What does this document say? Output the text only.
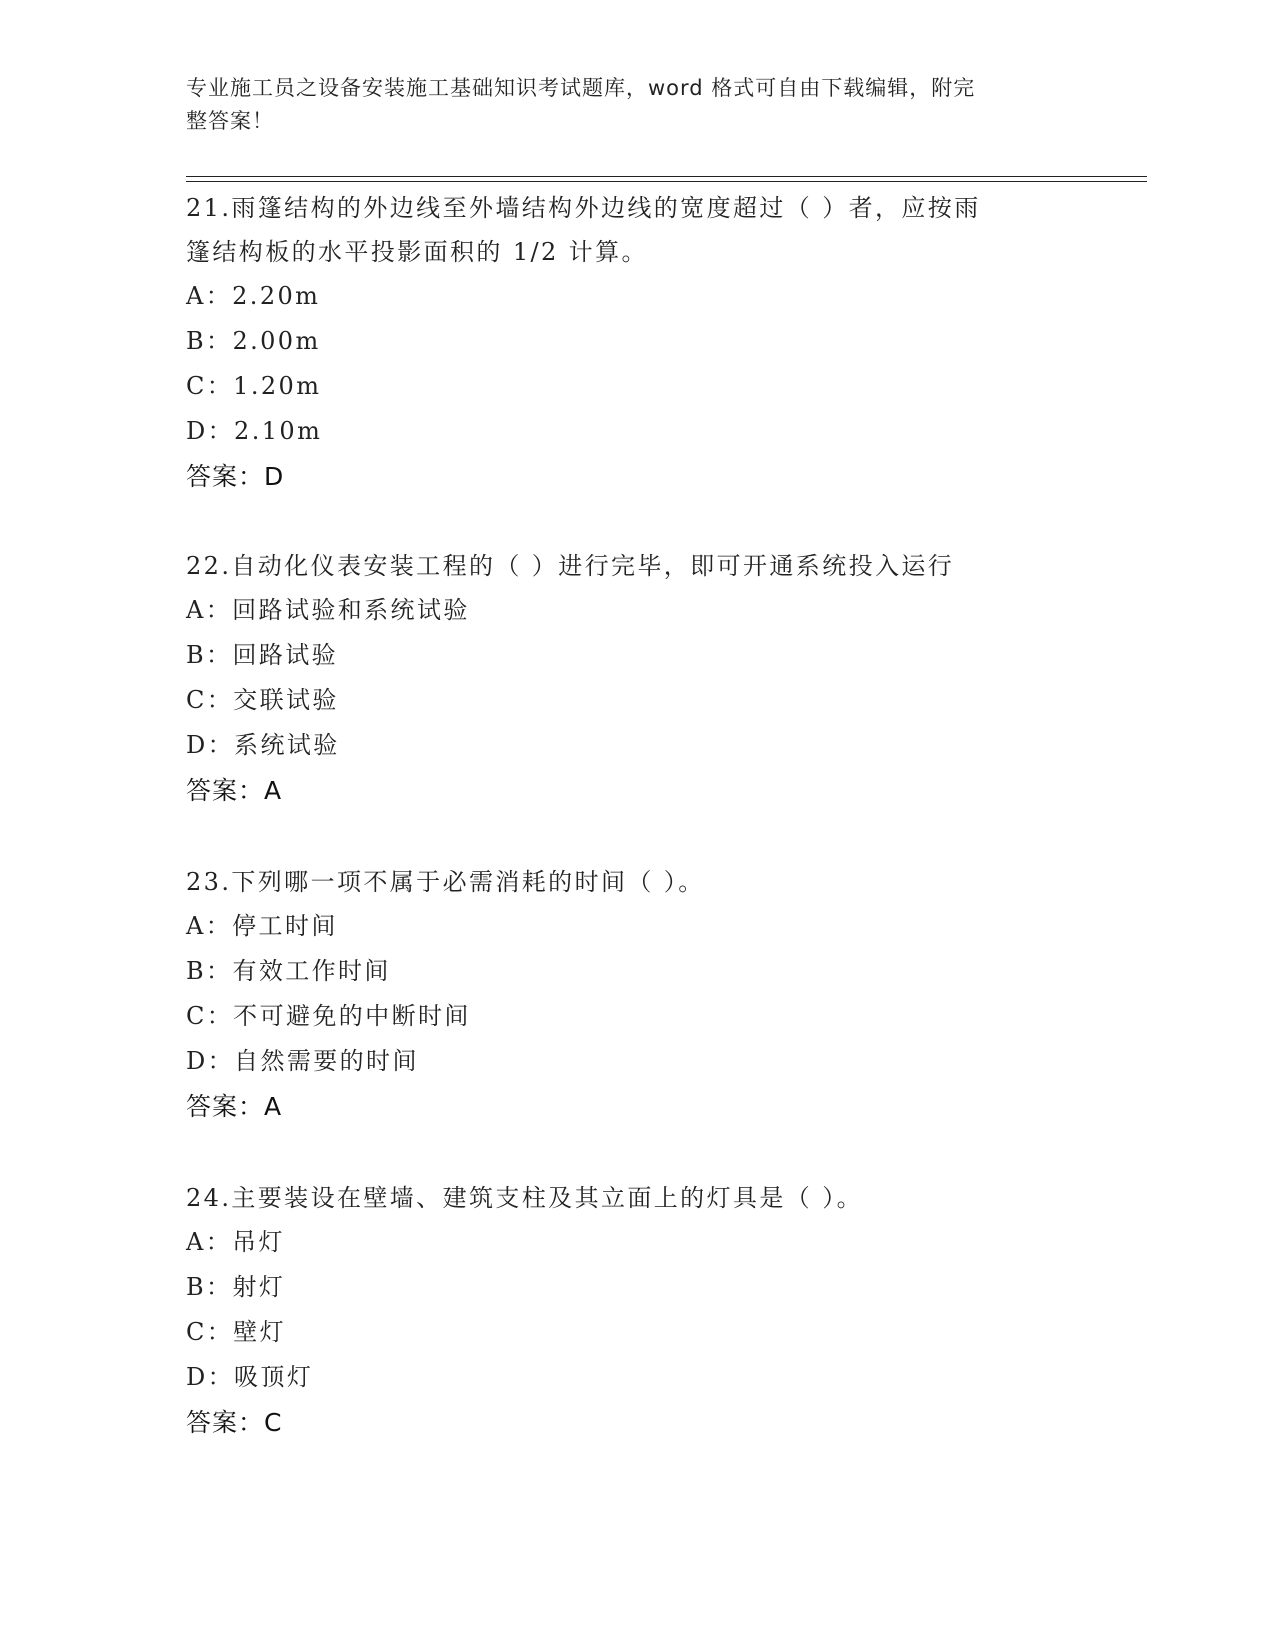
专业施工员之设备安装施工基础知识考试题库，word 格式可自由下载编辑，附完
整答案！
21.雨篷结构的外边线至外墙结构外边线的宽度超过（ ）者，应按雨
篷结构板的水平投影面积的 1/2 计算。
A：2.20m
B：2.00m
C：1.20m
D：2.10m
答案：D
22.自动化仪表安装工程的（ ）进行完毕，即可开通系统投入运行
A：回路试验和系统试验
B：回路试验
C：交联试验
D：系统试验
答案：A
23.下列哪一项不属于必需消耗的时间（ ）。
A：停工时间
B：有效工作时间
C：不可避免的中断时间
D：自然需要的时间
答案：A
24.主要装设在壁墙、建筑支柱及其立面上的灯具是（ ）。
A：吊灯
B：射灯
C：壁灯
D：吸顶灯
答案：C
